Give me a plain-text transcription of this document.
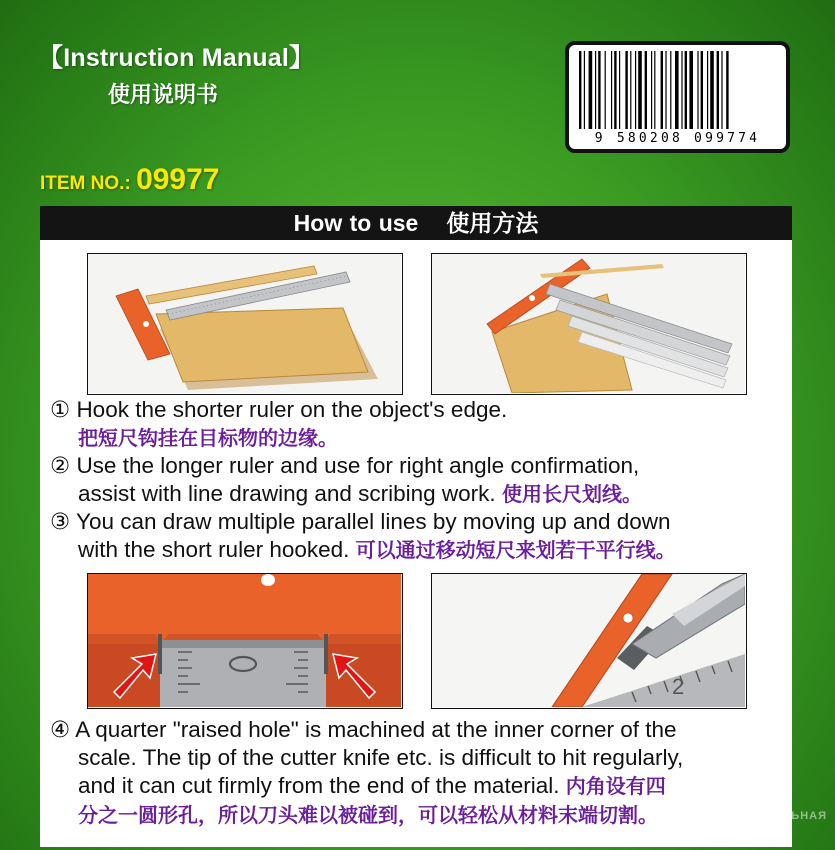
【Instruction Manual】
使用说明书
ITEM NO.: 09977
9 580208 099774
How to use 使用方法
① Hook the shorter ruler on the object's edge.
把短尺钩挂在目标物的边缘。
② Use the longer ruler and use for right angle confirmation,
assist with line drawing and scribing work. 使用长尺划线。
③ You can draw multiple parallel lines by moving up and down
with the short ruler hooked. 可以通过移动短尺来划若干平行线。
2
④ A quarter "raised hole" is machined at the inner corner of the
scale. The tip of the cutter knife etc. is difficult to hit regularly,
and it can cut firmly from the end of the material. 内角设有四
分之一圆形孔，所以刀头难以被碰到，可以轻松从材料末端切割。	ЕЛЬНАЯ
